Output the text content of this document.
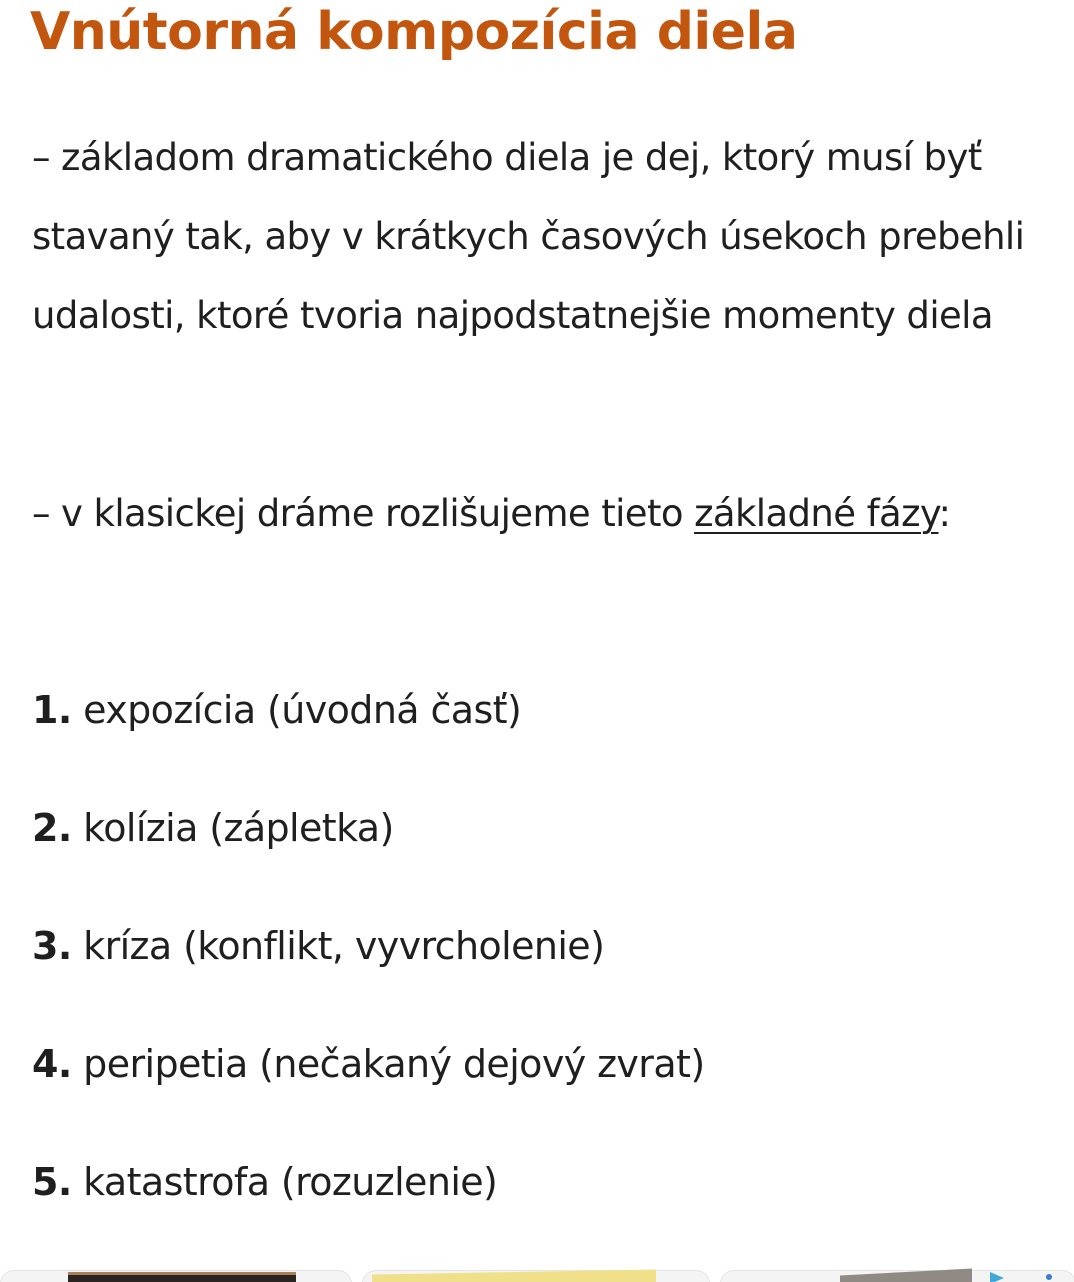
Vnútorná kompozícia diela

– základom dramatického diela je dej, ktorý musí byť stavaný tak, aby v krátkych časových úsekoch prebehli udalosti, ktoré tvoria najpodstatnejšie momenty diela

– v klasickej dráme rozlišujeme tieto základné fázy:

1. expozícia (úvodná časť)

2. kolízia (zápletka)

3. kríza (konflikt, vyvrcholenie)

4. peripetia (nečakaný dejový zvrat)

5. katastrofa (rozuzlenie)
